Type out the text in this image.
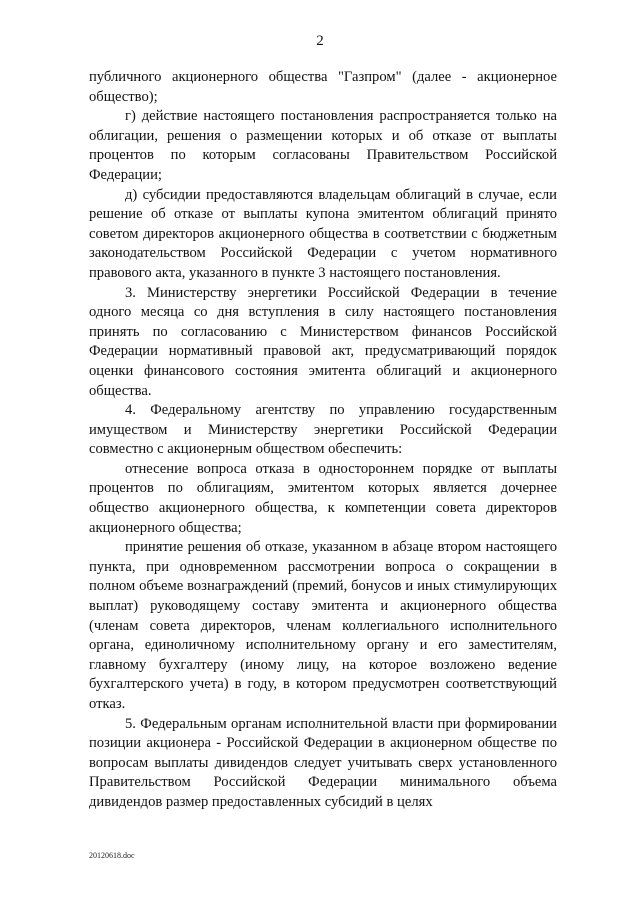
2

публичного акционерного общества "Газпром" (далее - акционерное общество);

г) действие настоящего постановления распространяется только на облигации, решения о размещении которых и об отказе от выплаты процентов по которым согласованы Правительством Российской Федерации;

д) субсидии предоставляются владельцам облигаций в случае, если решение об отказе от выплаты купона эмитентом облигаций принято советом директоров акционерного общества в соответствии с бюджетным законодательством Российской Федерации с учетом нормативного правового акта, указанного в пункте 3 настоящего постановления.

3. Министерству энергетики Российской Федерации в течение одного месяца со дня вступления в силу настоящего постановления принять по согласованию с Министерством финансов Российской Федерации нормативный правовой акт, предусматривающий порядок оценки финансового состояния эмитента облигаций и акционерного общества.

4. Федеральному агентству по управлению государственным имуществом и Министерству энергетики Российской Федерации совместно с акционерным обществом обеспечить:

отнесение вопроса отказа в одностороннем порядке от выплаты процентов по облигациям, эмитентом которых является дочернее общество акционерного общества, к компетенции совета директоров акционерного общества;

принятие решения об отказе, указанном в абзаце втором настоящего пункта, при одновременном рассмотрении вопроса о сокращении в полном объеме вознаграждений (премий, бонусов и иных стимулирующих выплат) руководящему составу эмитента и акционерного общества (членам совета директоров, членам коллегиального исполнительного органа, единоличному исполнительному органу и его заместителям, главному бухгалтеру (иному лицу, на которое возложено ведение бухгалтерского учета) в году, в котором предусмотрен соответствующий отказ.

5. Федеральным органам исполнительной власти при формировании позиции акционера - Российской Федерации в акционерном обществе по вопросам выплаты дивидендов следует учитывать сверх установленного Правительством Российской Федерации минимального объема дивидендов размер предоставленных субсидий в целях

20120618.doc
